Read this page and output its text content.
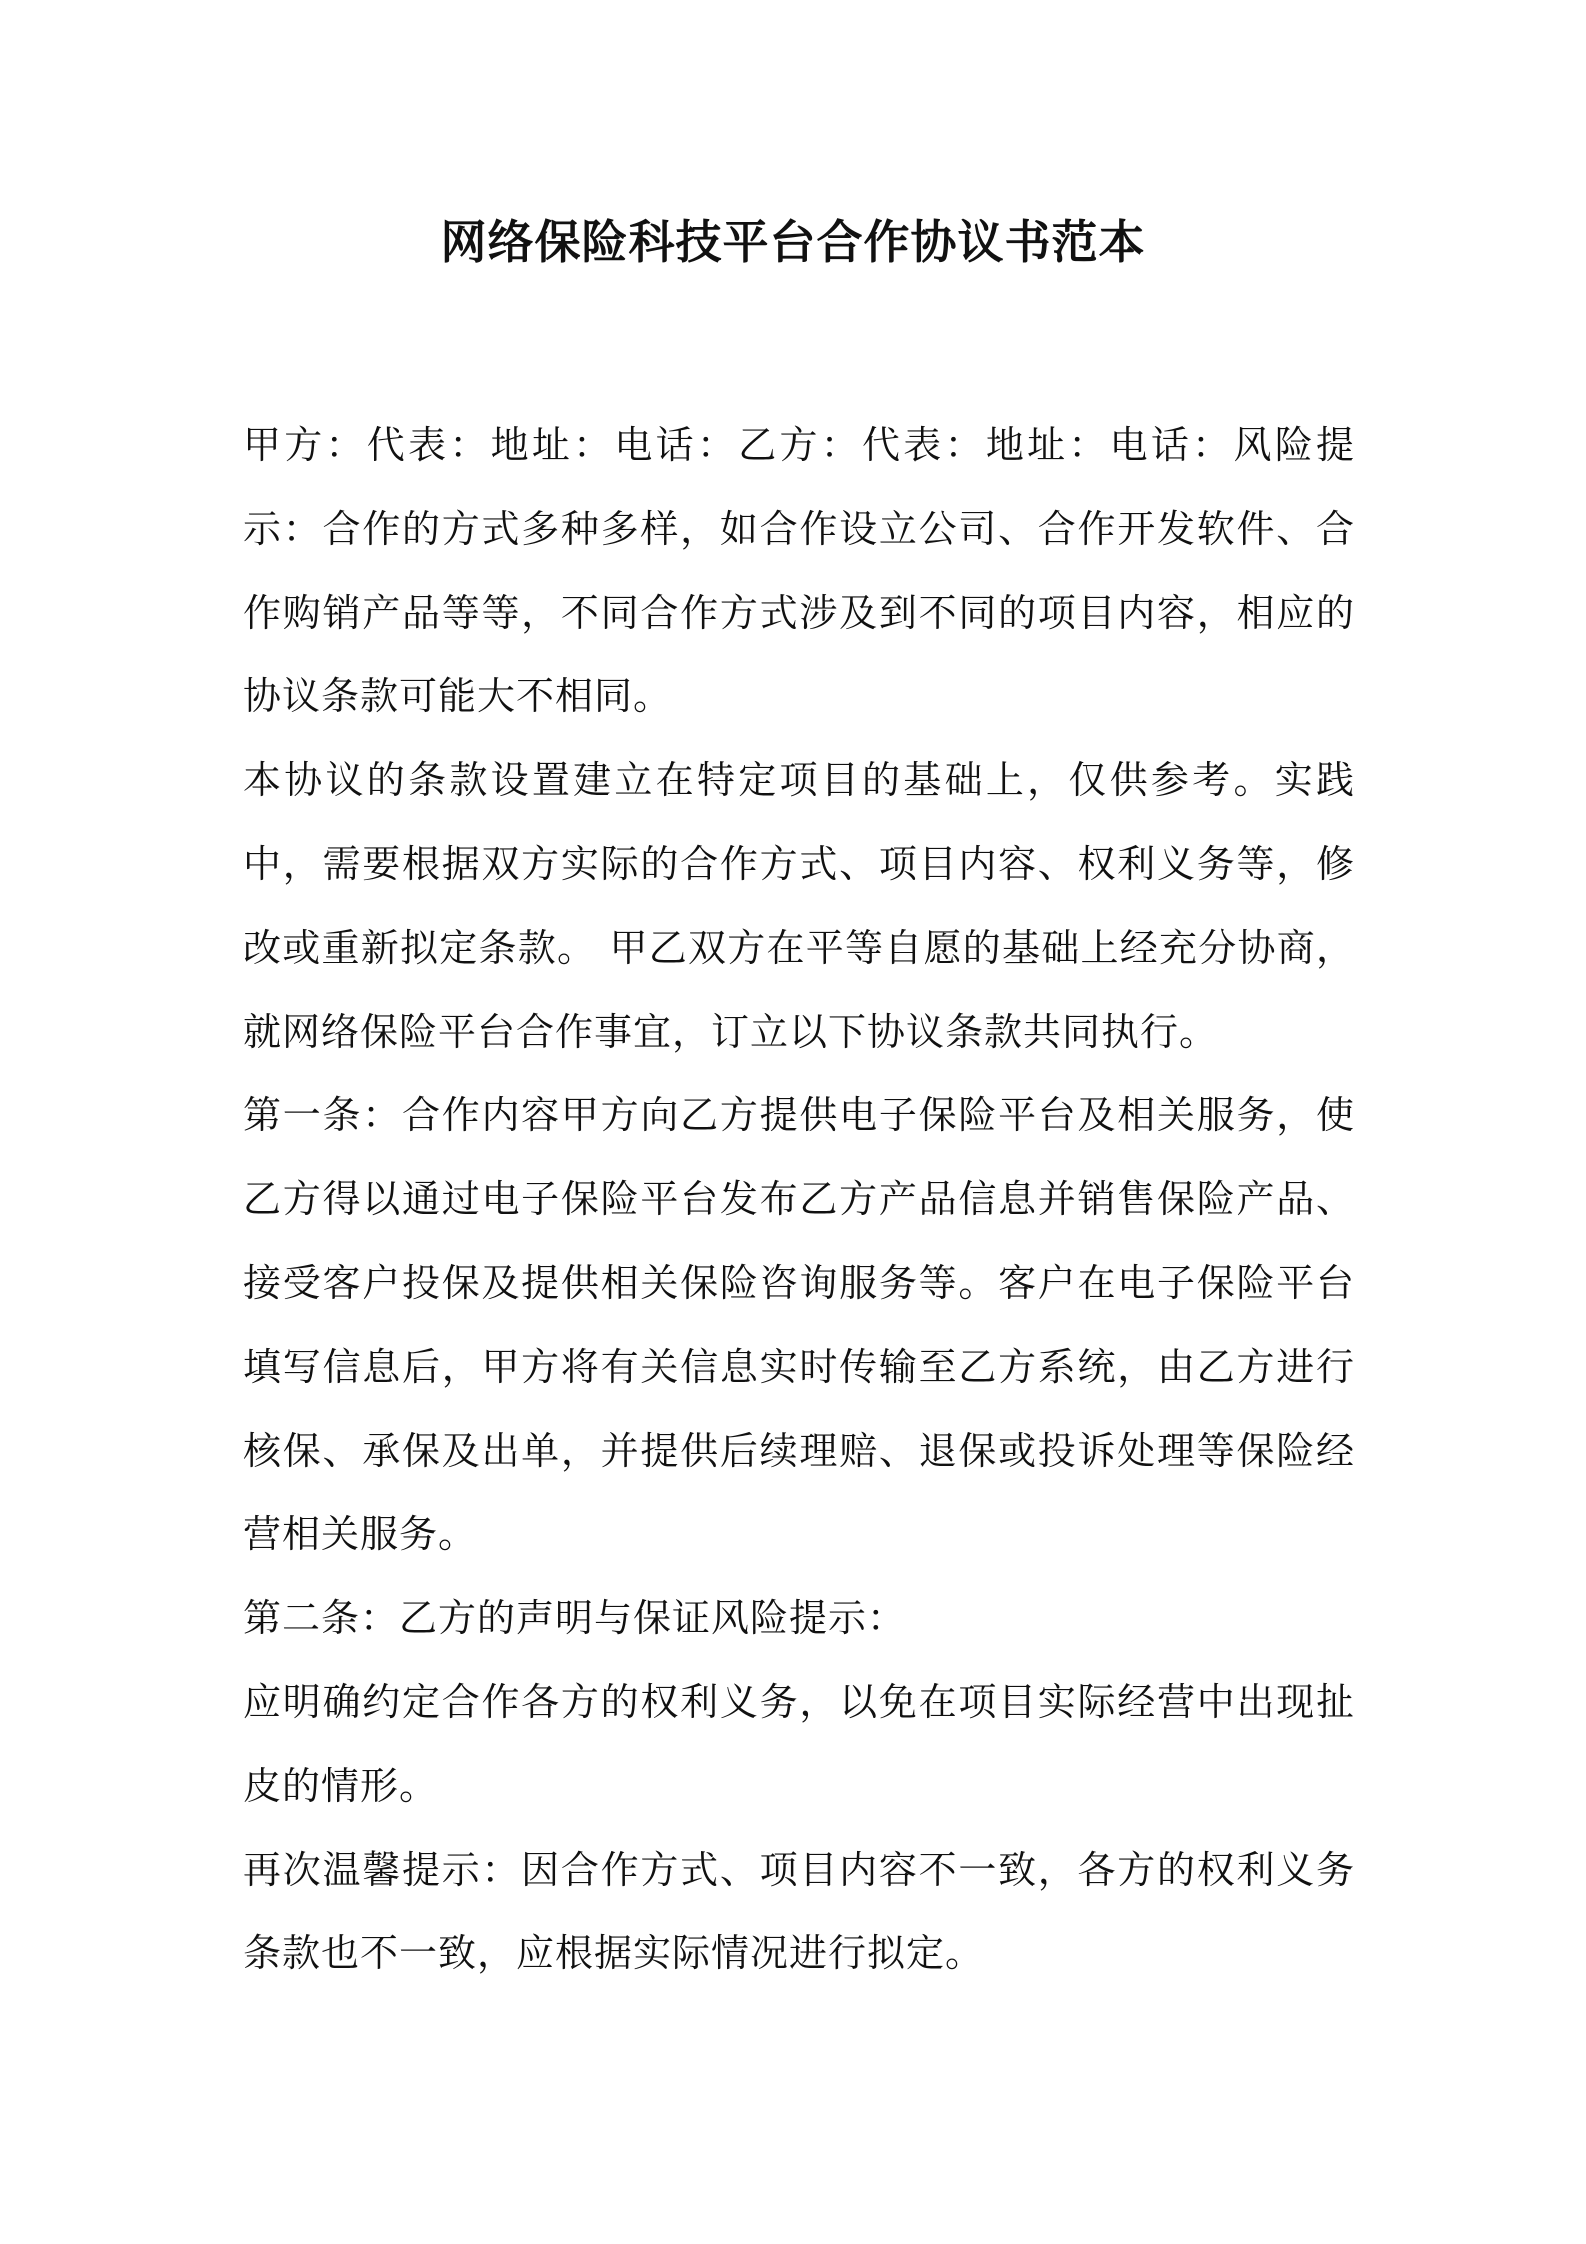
网络保险科技平台合作协议书范本

甲方：代表：地址：电话：乙方：代表：地址：电话：风险提示：合作的方式多种多样，如合作设立公司、合作开发软件、合作购销产品等等，不同合作方式涉及到不同的项目内容，相应的协议条款可能大不相同。

本协议的条款设置建立在特定项目的基础上，仅供参考。实践中，需要根据双方实际的合作方式、项目内容、权利义务等，修改或重新拟定条款。 甲乙双方在平等自愿的基础上经充分协商，就网络保险平台合作事宜，订立以下协议条款共同执行。

第一条：合作内容甲方向乙方提供电子保险平台及相关服务，使乙方得以通过电子保险平台发布乙方产品信息并销售保险产品、接受客户投保及提供相关保险咨询服务等。客户在电子保险平台填写信息后，甲方将有关信息实时传输至乙方系统，由乙方进行核保、承保及出单，并提供后续理赔、退保或投诉处理等保险经营相关服务。

第二条：乙方的声明与保证风险提示：

应明确约定合作各方的权利义务，以免在项目实际经营中出现扯皮的情形。

再次温馨提示：因合作方式、项目内容不一致，各方的权利义务条款也不一致，应根据实际情况进行拟定。
